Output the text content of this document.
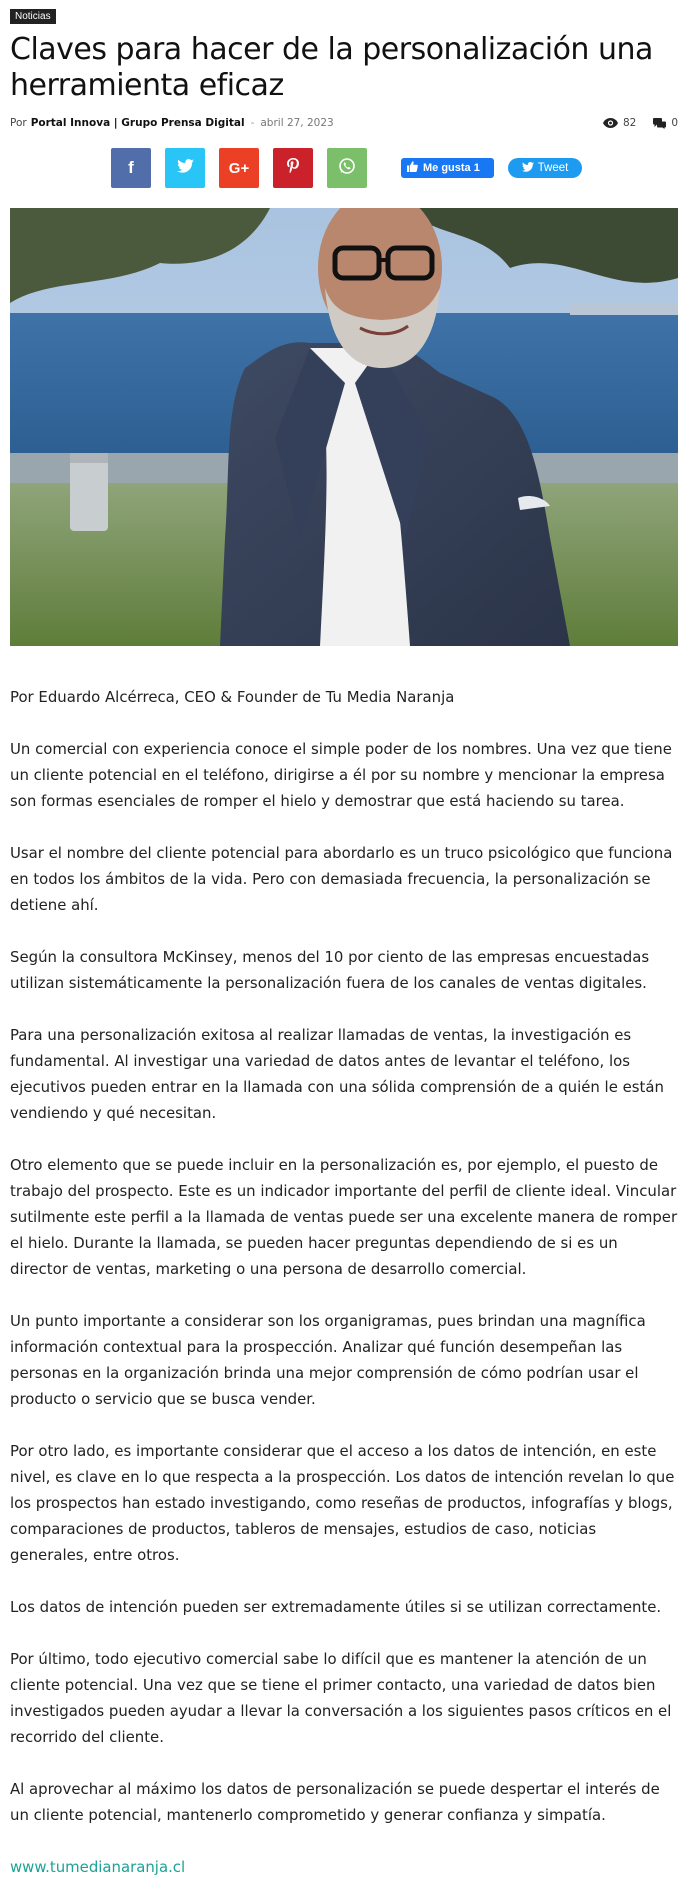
Noticias
Claves para hacer de la personalización una herramienta eficaz
Por Portal Innova | Grupo Prensa Digital - abril 27, 2023	82	0
f	G+	Me gusta 1	Tweet

Por Eduardo Alcérreca, CEO & Founder de Tu Media Naranja

Un comercial con experiencia conoce el simple poder de los nombres. Una vez que tiene un cliente potencial en el teléfono, dirigirse a él por su nombre y mencionar la empresa son formas esenciales de romper el hielo y demostrar que está haciendo su tarea.

Usar el nombre del cliente potencial para abordarlo es un truco psicológico que funciona en todos los ámbitos de la vida. Pero con demasiada frecuencia, la personalización se detiene ahí.

Según la consultora McKinsey, menos del 10 por ciento de las empresas encuestadas utilizan sistemáticamente la personalización fuera de los canales de ventas digitales.

Para una personalización exitosa al realizar llamadas de ventas, la investigación es fundamental. Al investigar una variedad de datos antes de levantar el teléfono, los ejecutivos pueden entrar en la llamada con una sólida comprensión de a quién le están vendiendo y qué necesitan.

Otro elemento que se puede incluir en la personalización es, por ejemplo, el puesto de trabajo del prospecto. Este es un indicador importante del perfil de cliente ideal. Vincular sutilmente este perfil a la llamada de ventas puede ser una excelente manera de romper el hielo. Durante la llamada, se pueden hacer preguntas dependiendo de si es un director de ventas, marketing o una persona de desarrollo comercial.

Un punto importante a considerar son los organigramas, pues brindan una magnífica información contextual para la prospección. Analizar qué función desempeñan las personas en la organización brinda una mejor comprensión de cómo podrían usar el producto o servicio que se busca vender.

Por otro lado, es importante considerar que el acceso a los datos de intención, en este nivel, es clave en lo que respecta a la prospección. Los datos de intención revelan lo que los prospectos han estado investigando, como reseñas de productos, infografías y blogs, comparaciones de productos, tableros de mensajes, estudios de caso, noticias generales, entre otros.

Los datos de intención pueden ser extremadamente útiles si se utilizan correctamente.

Por último, todo ejecutivo comercial sabe lo difícil que es mantener la atención de un cliente potencial. Una vez que se tiene el primer contacto, una variedad de datos bien investigados pueden ayudar a llevar la conversación a los siguientes pasos críticos en el recorrido del cliente.

Al aprovechar al máximo los datos de personalización se puede despertar el interés de un cliente potencial, mantenerlo comprometido y generar confianza y simpatía.

www.tumedianaranja.cl
